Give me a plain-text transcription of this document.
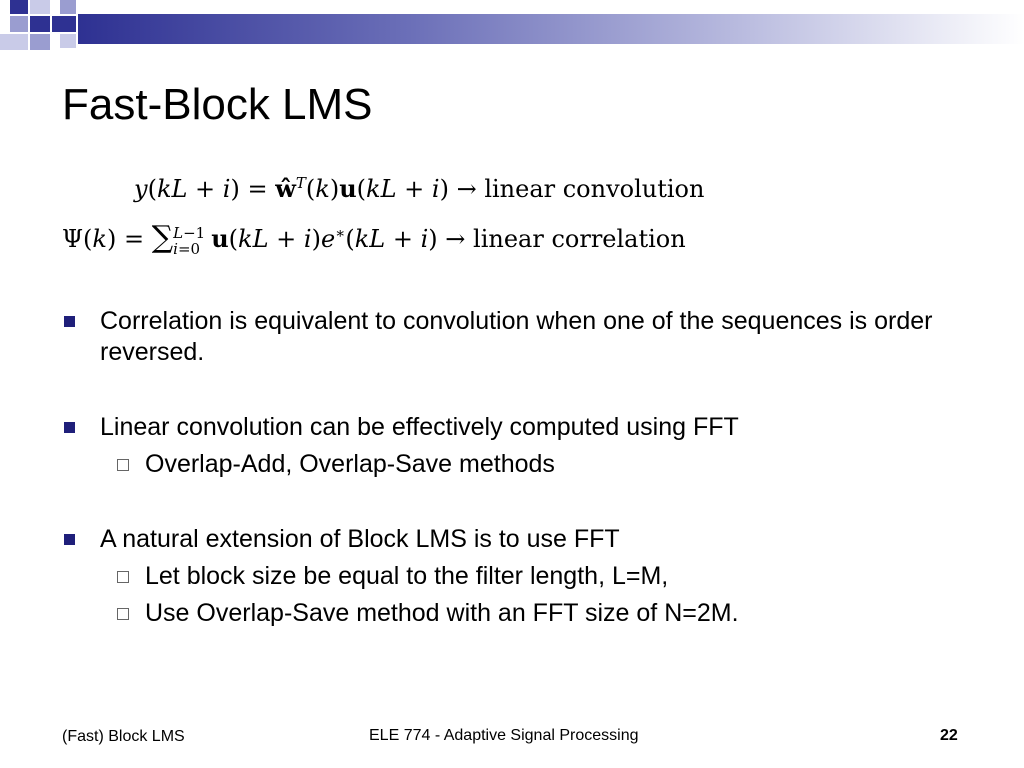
Fast-Block LMS
$y(kL + i) = ŵ^T(k)u(kL + i)$ → linear convolution
Ψ(k) = ∑ L−1
i=0 u(kL + i)e∗(kL + i) → linear correlation
Correlation is equivalent to convolution when one of the sequences is order reversed.
Linear convolution can be effectively computed using FFT
Overlap-Add, Overlap-Save methods
A natural extension of Block LMS is to use FFT
Let block size be equal to the filter length, L=M,
Use Overlap-Save method with an FFT size of N=2M.
(Fast) Block LMS	ELE 774 - Adaptive Signal Processing	22
